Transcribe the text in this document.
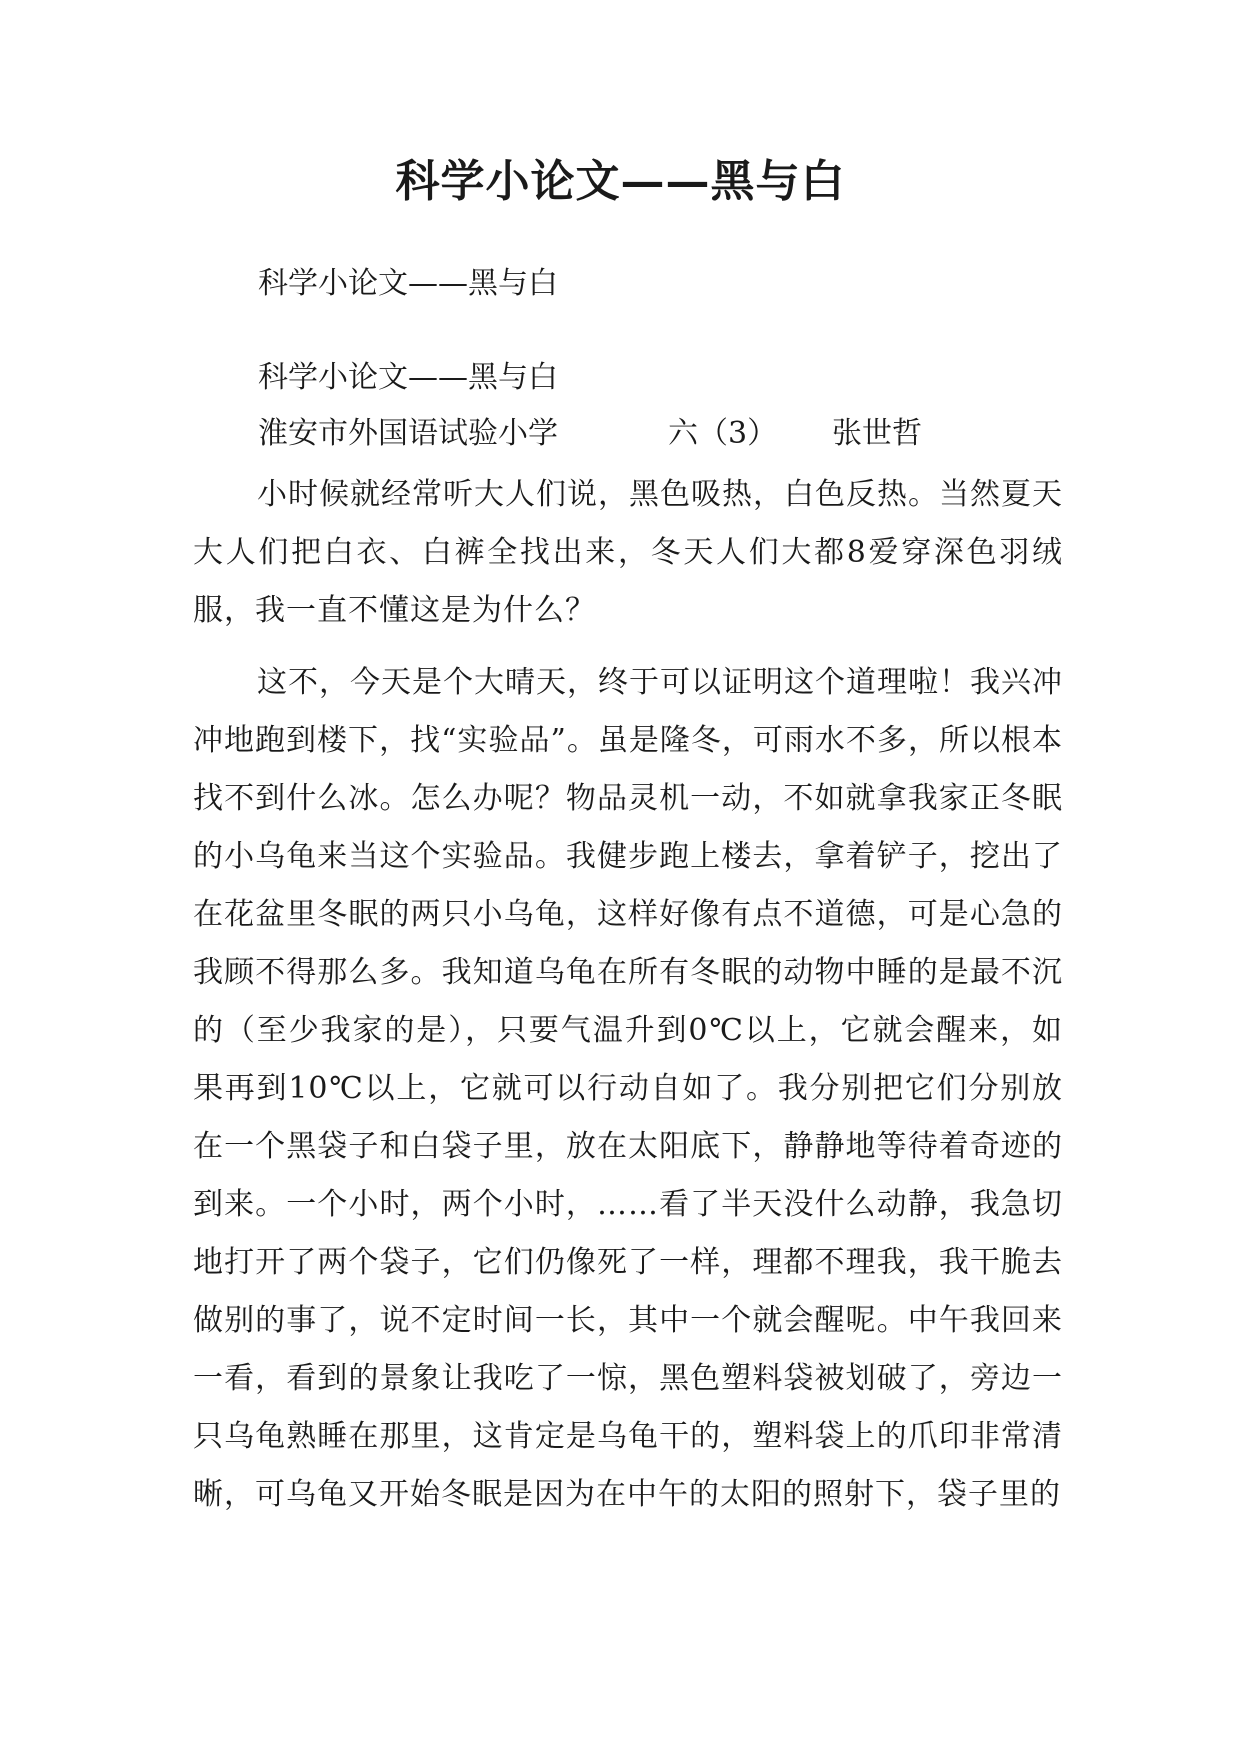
科学小论文——黑与白
科学小论文——黑与白
科学小论文——黑与白
淮安市外国语试验小学	六（3） 张世哲

小时候就经常听大人们说，黑色吸热，白色反热。当然夏天大人们把白衣、白裤全找出来，冬天人们大都8爱穿深色羽绒服，我一直不懂这是为什么？

这不，今天是个大晴天，终于可以证明这个道理啦！我兴冲冲地跑到楼下，找“实验品”。虽是隆冬，可雨水不多，所以根本找不到什么冰。怎么办呢？物品灵机一动，不如就拿我家正冬眠的小乌龟来当这个实验品。我健步跑上楼去，拿着铲子，挖出了在花盆里冬眠的两只小乌龟，这样好像有点不道德，可是心急的我顾不得那么多。我知道乌龟在所有冬眠的动物中睡的是最不沉的（至少我家的是），只要气温升到0℃以上，它就会醒来，如果再到10℃以上，它就可以行动自如了。我分别把它们分别放在一个黑袋子和白袋子里，放在太阳底下，静静地等待着奇迹的到来。一个小时，两个小时，……看了半天没什么动静，我急切地打开了两个袋子，它们仍像死了一样，理都不理我，我干脆去做别的事了，说不定时间一长，其中一个就会醒呢。中午我回来一看，看到的景象让我吃了一惊，黑色塑料袋被划破了，旁边一只乌龟熟睡在那里，这肯定是乌龟干的，塑料袋上的爪印非常清晰，可乌龟又开始冬眠是因为在中午的太阳的照射下，袋子里的
